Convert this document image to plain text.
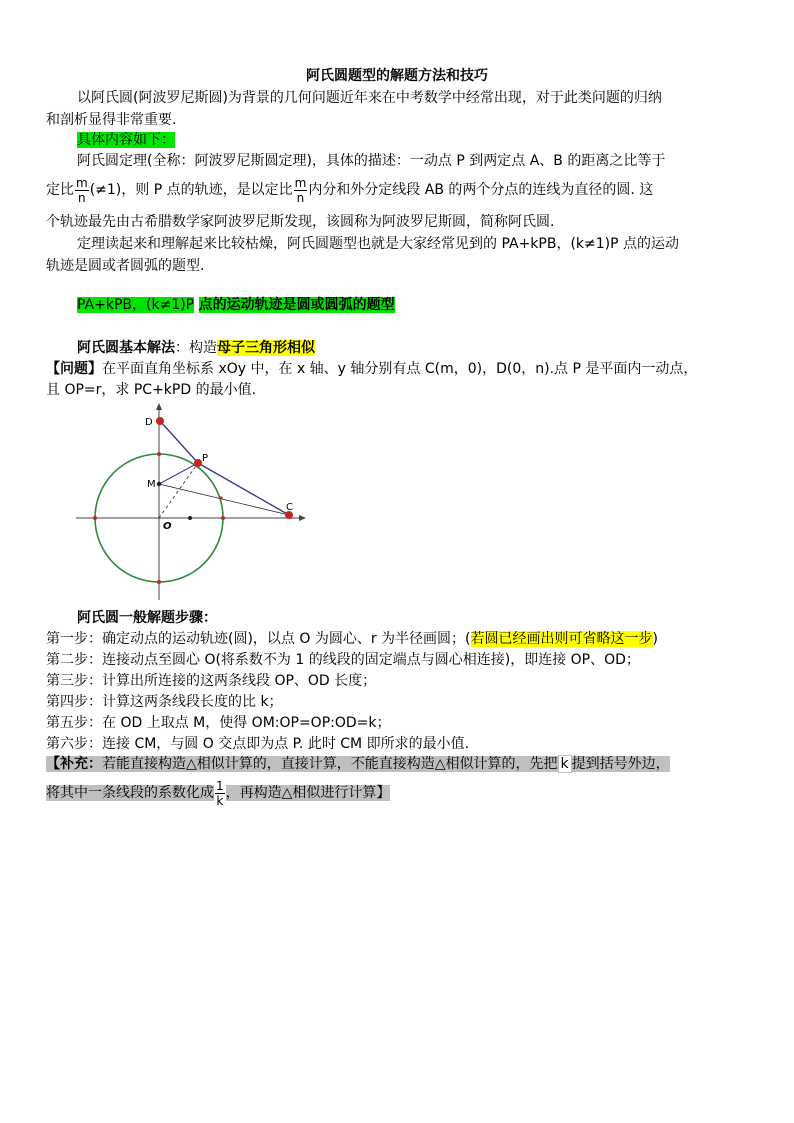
阿氏圆题型的解题方法和技巧
以阿氏圆(阿波罗尼斯圆)为背景的几何问题近年来在中考数学中经常出现，对于此类问题的归纳
和剖析显得非常重要.
具体内容如下：
阿氏圆定理(全称：阿波罗尼斯圆定理)，具体的描述：一动点 P 到两定点 A、B 的距离之比等于
定比 $\frac{m}{n} (\ne 1)$，则 P 点的轨迹，是以定比 $\frac{m}{n}$ 内分和外分定线段 AB 的两个分点的连线为直径的圆. 这
个轨迹最先由古希腊数学家阿波罗尼斯发现，该圆称为阿波罗尼斯圆，简称阿氏圆.
定理读起来和理解起来比较枯燥，阿氏圆题型也就是大家经常见到的 PA+kPB，(k≠1)P 点的运动
轨迹是圆或者圆弧的题型.
PA+kPB，(k≠1)P 点的运动轨迹是圆或圆弧的题型
阿氏圆基本解法：构造母子三角形相似
【问题】在平面直角坐标系 xOy 中，在 x 轴、y 轴分别有点 C(m，0)，D(0，n).点 P 是平面内一动点，
且 OP=r，求 PC+kPD 的最小值.
D
P
M
O
C
阿氏圆一般解题步骤：
第一步：确定动点的运动轨迹(圆)，以点 O 为圆心、r 为半径画圆；(若圆已经画出则可省略这一步)
第二步：连接动点至圆心 O(将系数不为 1 的线段的固定端点与圆心相连接)，即连接 OP、OD；
第三步：计算出所连接的这两条线段 OP、OD 长度；
第四步：计算这两条线段长度的比 k；
第五步：在 OD 上取点 M，使得 OM:OP=OP:OD=k；
第六步：连接 CM，与圆 O 交点即为点 P. 此时 CM 即所求的最小值.
【补充：若能直接构造△相似计算的，直接计算，不能直接构造△相似计算的，先把 k 提到括号外边，
将其中一条线段的系数化成 $\frac{1}{k}$ ，再构造△相似进行计算】
